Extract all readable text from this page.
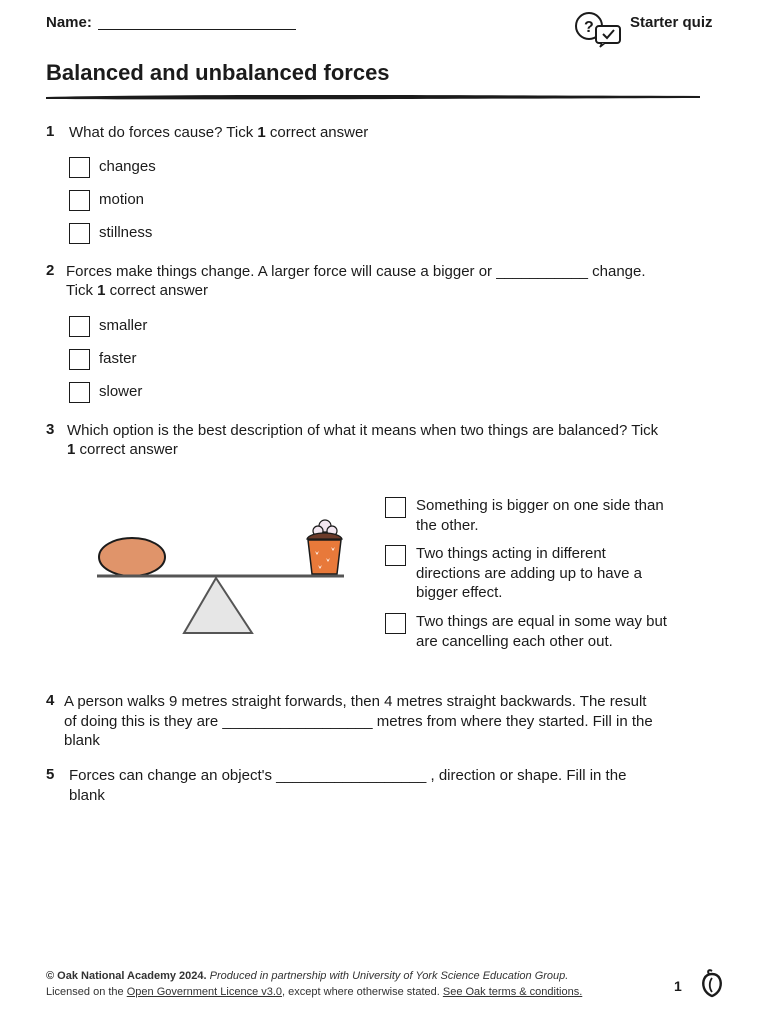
Name:	? Starter quiz
Balanced and unbalanced forces
1 What do forces cause? Tick 1 correct answer
changes
motion
stillness
2 Forces make things change. A larger force will cause a bigger or ___________ change.
Tick 1 correct answer
smaller
faster
slower
3 Which option is the best description of what it means when two things are balanced? Tick
1 correct answer
Something is bigger on one side than
the other.
Two things acting in different
directions are adding up to have a
bigger effect.
Two things are equal in some way but
are cancelling each other out.
4 A person walks 9 metres straight forwards, then 4 metres straight backwards. The result
of doing this is they are __________________ metres from where they started. Fill in the
blank
5 Forces can change an object's __________________ , direction or shape. Fill in the
blank
© Oak National Academy 2024. Produced in partnership with University of York Science Education Group.
Licensed on the Open Government Licence v3.0, except where otherwise stated. See Oak terms & conditions.	1
